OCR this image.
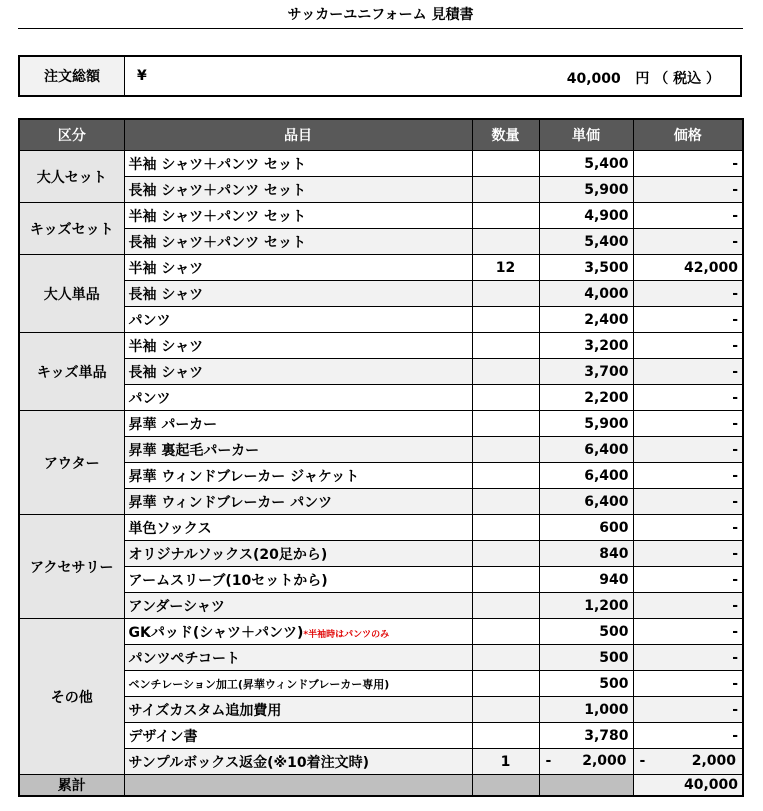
サッカーユニフォーム 見積書
注文総額	¥	40,000 円 （ 税込 ）
区分	品目	数量	単価	価格
大人セット	半袖 シャツ＋パンツ セット		5,400	-
	長袖 シャツ＋パンツ セット		5,900	-
キッズセット	半袖 シャツ＋パンツ セット		4,900	-
	長袖 シャツ＋パンツ セット		5,400	-
大人単品	半袖 シャツ	12	3,500	42,000
	長袖 シャツ		4,000	-
	パンツ		2,400	-
キッズ単品	半袖 シャツ		3,200	-
	長袖 シャツ		3,700	-
	パンツ		2,200	-
アウター	昇華 パーカー		5,900	-
	昇華 裏起毛パーカー		6,400	-
	昇華 ウィンドブレーカー ジャケット		6,400	-
	昇華 ウィンドブレーカー パンツ		6,400	-
アクセサリー	単色ソックス		600	-
	オリジナルソックス(20足から)		840	-
	アームスリーブ(10セットから)		940	-
	アンダーシャツ		1,200	-
その他	GKパッド(シャツ＋パンツ)*半袖時はパンツのみ		500	-
	パンツペチコート		500	-
	ベンチレーション加工(昇華ウィンドブレーカー専用)		500	-
	サイズカスタム追加費用		1,000	-
	デザイン書		3,780	-
	サンプルボックス返金(※10着注文時)	1	- 2,000	- 2,000

累計				40,000
